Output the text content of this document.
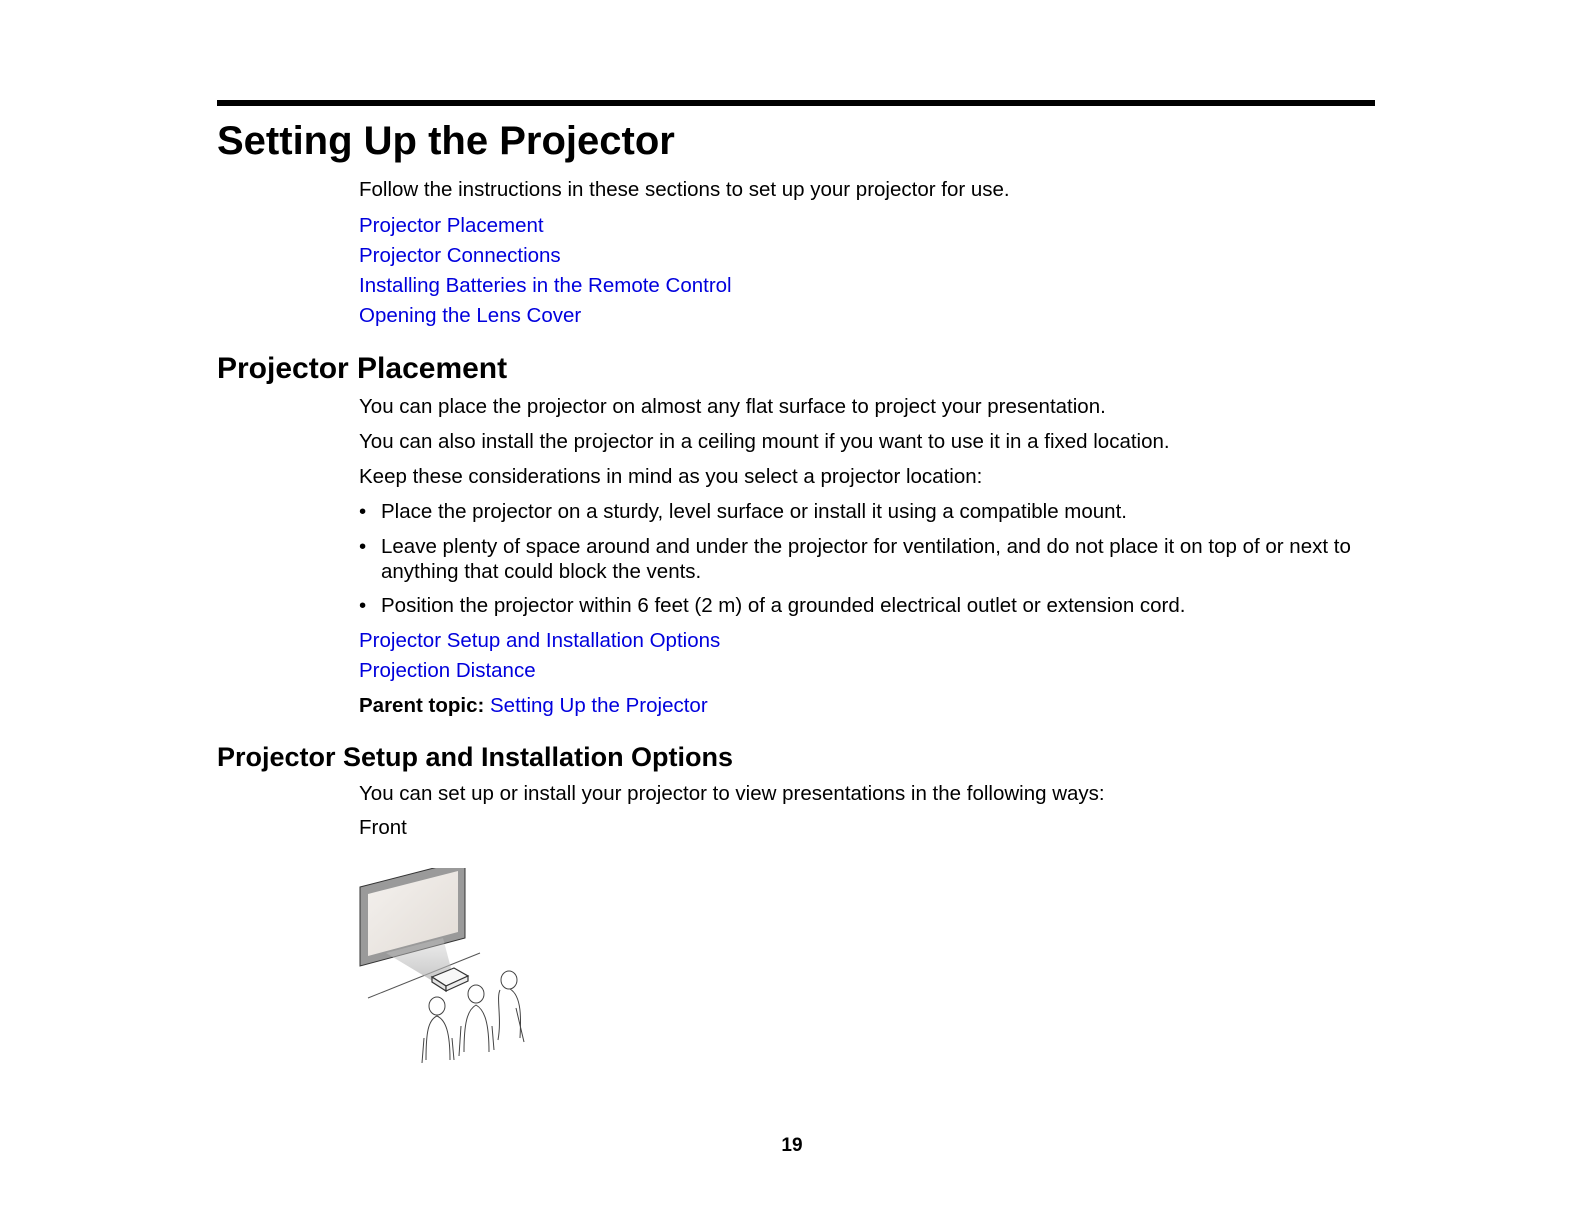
Setting Up the Projector

Follow the instructions in these sections to set up your projector for use.

Projector Placement

Projector Connections

Installing Batteries in the Remote Control

Opening the Lens Cover

Projector Placement

You can place the projector on almost any flat surface to project your presentation.

You can also install the projector in a ceiling mount if you want to use it in a fixed location.

Keep these considerations in mind as you select a projector location:

• Place the projector on a sturdy, level surface or install it using a compatible mount.

• Leave plenty of space around and under the projector for ventilation, and do not place it on top of or next to anything that could block the vents.

• Position the projector within 6 feet (2 m) of a grounded electrical outlet or extension cord.

Projector Setup and Installation Options

Projection Distance

Parent topic: Setting Up the Projector

Projector Setup and Installation Options

You can set up or install your projector to view presentations in the following ways:

Front

19
